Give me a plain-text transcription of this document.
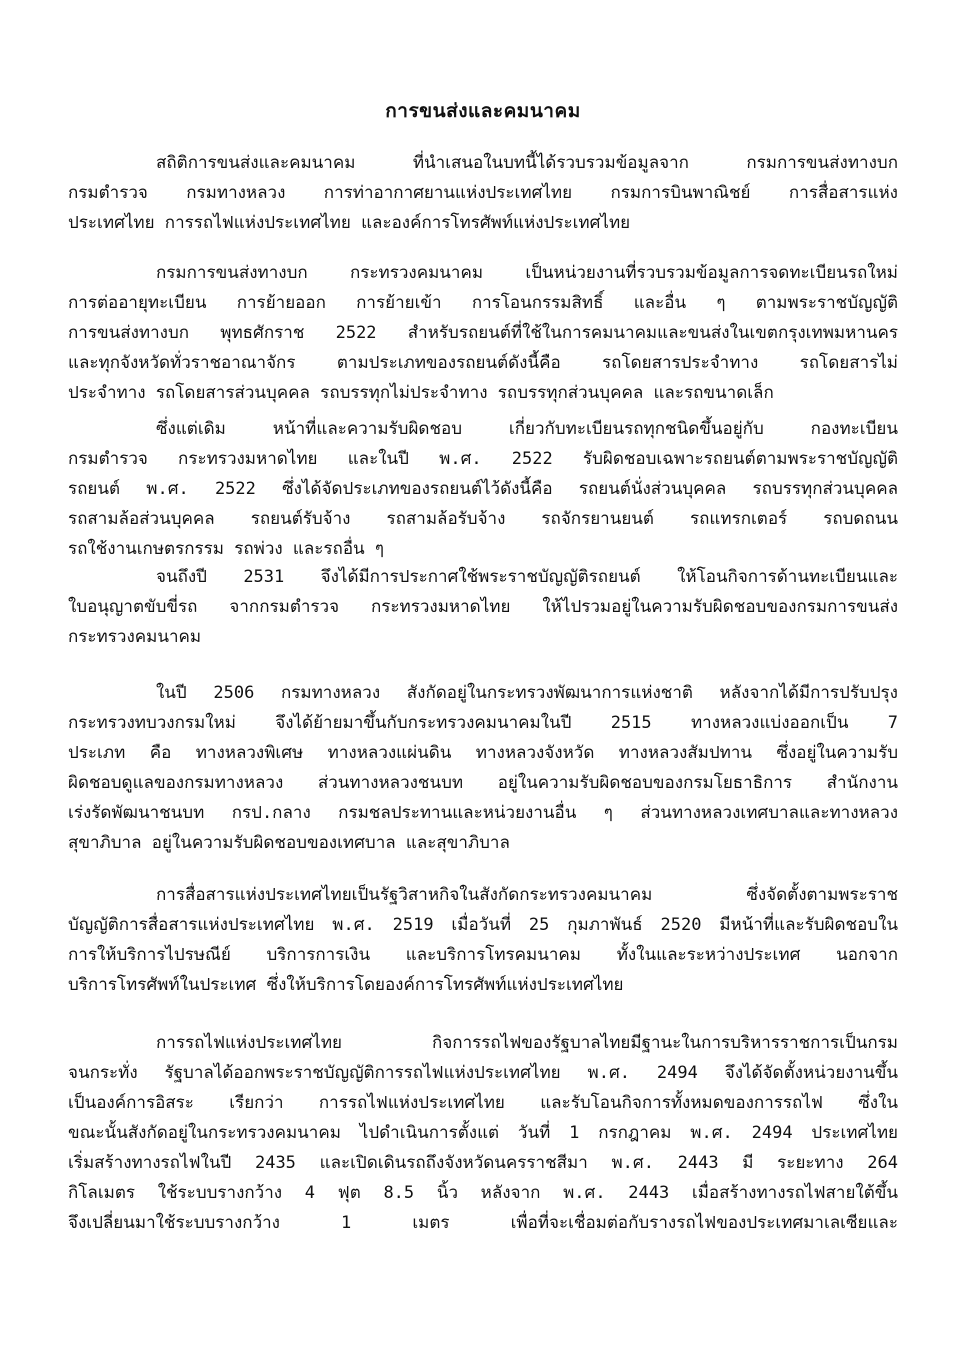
การขนส่งและคมนาคม
สถิติการขนส่งและคมนาคม ที่นำเสนอในบทนี้ได้รวบรวมข้อมูลจาก กรมการขนส่งทางบก
กรมตำรวจ กรมทางหลวง การท่าอากาศยานแห่งประเทศไทย กรมการบินพาณิชย์ การสื่อสารแห่ง
ประเทศไทย การรถไฟแห่งประเทศไทย และองค์การโทรศัพท์แห่งประเทศไทย
กรมการขนส่งทางบก กระทรวงคมนาคม เป็นหน่วยงานที่รวบรวมข้อมูลการจดทะเบียนรถใหม่
การต่ออายุทะเบียน การย้ายออก การย้ายเข้า การโอนกรรมสิทธิ์ และอื่น ๆ ตามพระราชบัญญัติ
การขนส่งทางบก พุทธศักราช 2522 สำหรับรถยนต์ที่ใช้ในการคมนาคมและขนส่งในเขตกรุงเทพมหานคร
และทุกจังหวัดทั่วราชอาณาจักร ตามประเภทของรถยนต์ดังนี้คือ รถโดยสารประจำทาง รถโดยสารไม่
ประจำทาง รถโดยสารส่วนบุคคล รถบรรทุกไม่ประจำทาง รถบรรทุกส่วนบุคคล และรถขนาดเล็ก
ซึ่งแต่เดิม หน้าที่และความรับผิดชอบ เกี่ยวกับทะเบียนรถทุกชนิดขึ้นอยู่กับ กองทะเบียน
กรมตำรวจ กระทรวงมหาดไทย และในปี พ.ศ. 2522 รับผิดชอบเฉพาะรถยนต์ตามพระราชบัญญัติ
รถยนต์ พ.ศ. 2522 ซึ่งได้จัดประเภทของรถยนต์ไว้ดังนี้คือ รถยนต์นั่งส่วนบุคคล รถบรรทุกส่วนบุคคล
รถสามล้อส่วนบุคคล รถยนต์รับจ้าง รถสามล้อรับจ้าง รถจักรยานยนต์ รถแทรกเตอร์ รถบดถนน
รถใช้งานเกษตรกรรม รถพ่วง และรถอื่น ๆ
จนถึงปี 2531 จึงได้มีการประกาศใช้พระราชบัญญัติรถยนต์ ให้โอนกิจการด้านทะเบียนและ
ใบอนุญาตขับขี่รถ จากกรมตำรวจ กระทรวงมหาดไทย ให้ไปรวมอยู่ในความรับผิดชอบของกรมการขนส่ง
กระทรวงคมนาคม
ในปี 2506 กรมทางหลวง สังกัดอยู่ในกระทรวงพัฒนาการแห่งชาติ หลังจากได้มีการปรับปรุง
กระทรวงทบวงกรมใหม่ จึงได้ย้ายมาขึ้นกับกระทรวงคมนาคมในปี 2515 ทางหลวงแบ่งออกเป็น 7
ประเภท คือ ทางหลวงพิเศษ ทางหลวงแผ่นดิน ทางหลวงจังหวัด ทางหลวงสัมปทาน ซึ่งอยู่ในความรับ
ผิดชอบดูแลของกรมทางหลวง ส่วนทางหลวงชนบท อยู่ในความรับผิดชอบของกรมโยธาธิการ สำนักงาน
เร่งรัดพัฒนาชนบท กรป.กลาง กรมชลประทานและหน่วยงานอื่น ๆ ส่วนทางหลวงเทศบาลและทางหลวง
สุขาภิบาล อยู่ในความรับผิดชอบของเทศบาล และสุขาภิบาล
การสื่อสารแห่งประเทศไทยเป็นรัฐวิสาหกิจในสังกัดกระทรวงคมนาคม ซึ่งจัดตั้งตามพระราช
บัญญัติการสื่อสารแห่งประเทศไทย พ.ศ. 2519 เมื่อวันที่ 25 กุมภาพันธ์ 2520 มีหน้าที่และรับผิดชอบใน
การให้บริการไปรษณีย์ บริการการเงิน และบริการโทรคมนาคม ทั้งในและระหว่างประเทศ นอกจาก
บริการโทรศัพท์ในประเทศ ซึ่งให้บริการโดยองค์การโทรศัพท์แห่งประเทศไทย
การรถไฟแห่งประเทศไทย กิจการรถไฟของรัฐบาลไทยมีฐานะในการบริหารราชการเป็นกรม
จนกระทั่ง รัฐบาลได้ออกพระราชบัญญัติการรถไฟแห่งประเทศไทย พ.ศ. 2494 จึงได้จัดตั้งหน่วยงานขึ้น
เป็นองค์การอิสระ เรียกว่า การรถไฟแห่งประเทศไทย และรับโอนกิจการทั้งหมดของการรถไฟ ซึ่งใน
ขณะนั้นสังกัดอยู่ในกระทรวงคมนาคม ไปดำเนินการตั้งแต่ วันที่ 1 กรกฎาคม พ.ศ. 2494 ประเทศไทย
เริ่มสร้างทางรถไฟในปี 2435 และเปิดเดินรถถึงจังหวัดนครราชสีมา พ.ศ. 2443 มี ระยะทาง 264
กิโลเมตร ใช้ระบบรางกว้าง 4 ฟุต 8.5 นิ้ว หลังจาก พ.ศ. 2443 เมื่อสร้างทางรถไฟสายใต้ขึ้น
จึงเปลี่ยนมาใช้ระบบรางกว้าง 1 เมตร เพื่อที่จะเชื่อมต่อกับรางรถไฟของประเทศมาเลเซียและ
